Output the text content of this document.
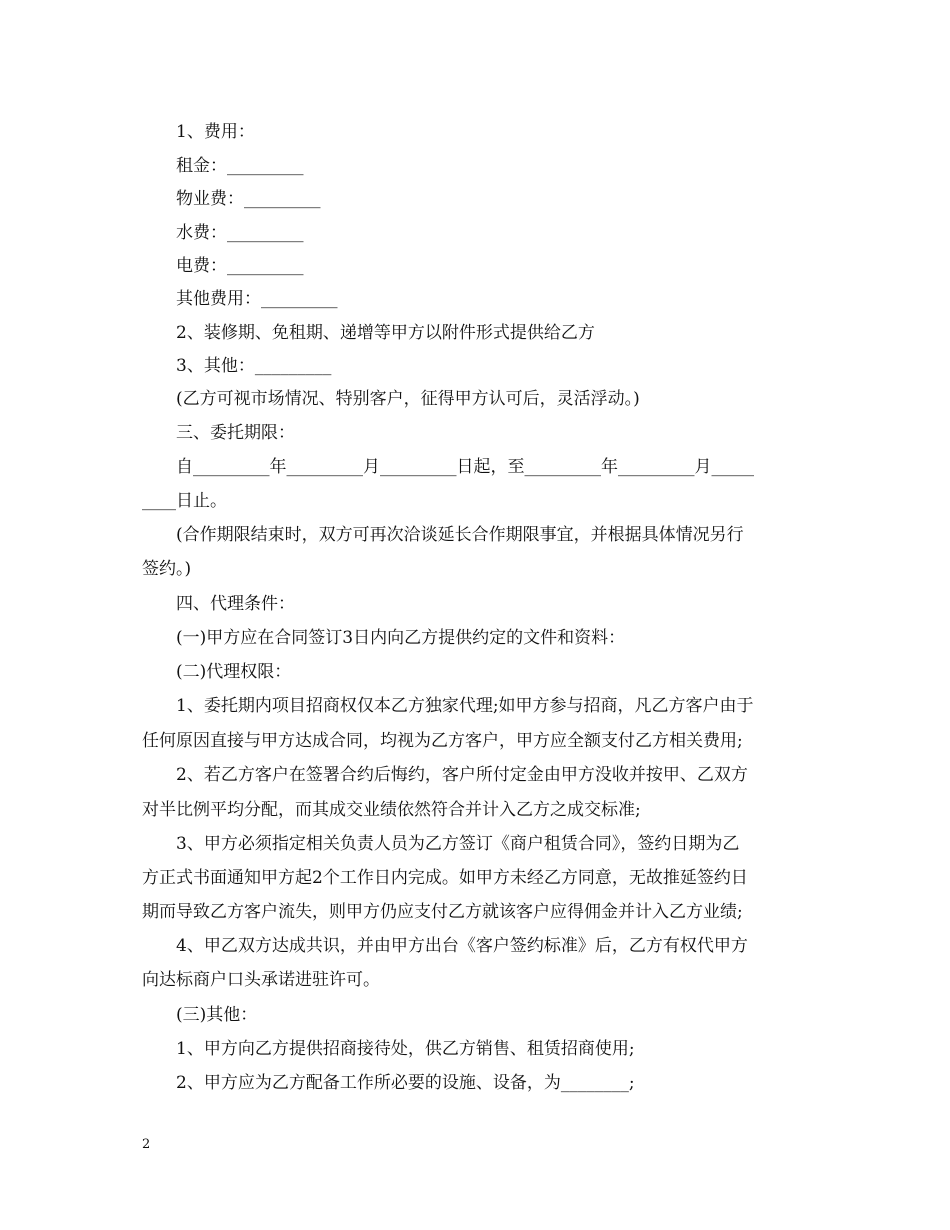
1、费用：
租金：_________
物业费：_________
水费：_________
电费：_________
其他费用：_________
2、装修期、免租期、递增等甲方以附件形式提供给乙方
3、其他：_________
(乙方可视市场情况、特别客户，征得甲方认可后，灵活浮动。)
三、委托期限：
自_________年_________月_________日起，至_________年_________月_____
____日止。
(合作期限结束时，双方可再次洽谈延长合作期限事宜，并根据具体情况另行
签约。)
四、代理条件：
(一)甲方应在合同签订3日内向乙方提供约定的文件和资料：
(二)代理权限：
1、委托期内项目招商权仅本乙方独家代理;如甲方参与招商，凡乙方客户由于
任何原因直接与甲方达成合同，均视为乙方客户，甲方应全额支付乙方相关费用;
2、若乙方客户在签署合约后悔约，客户所付定金由甲方没收并按甲、乙双方
对半比例平均分配，而其成交业绩依然符合并计入乙方之成交标准;
3、甲方必须指定相关负责人员为乙方签订《商户租赁合同》，签约日期为乙
方正式书面通知甲方起2个工作日内完成。如甲方未经乙方同意，无故推延签约日
期而导致乙方客户流失，则甲方仍应支付乙方就该客户应得佣金并计入乙方业绩;
4、甲乙双方达成共识，并由甲方出台《客户签约标准》后，乙方有权代甲方
向达标商户口头承诺进驻许可。
(三)其他：
1、甲方向乙方提供招商接待处，供乙方销售、租赁招商使用;
2、甲方应为乙方配备工作所必要的设施、设备，为________;
2
